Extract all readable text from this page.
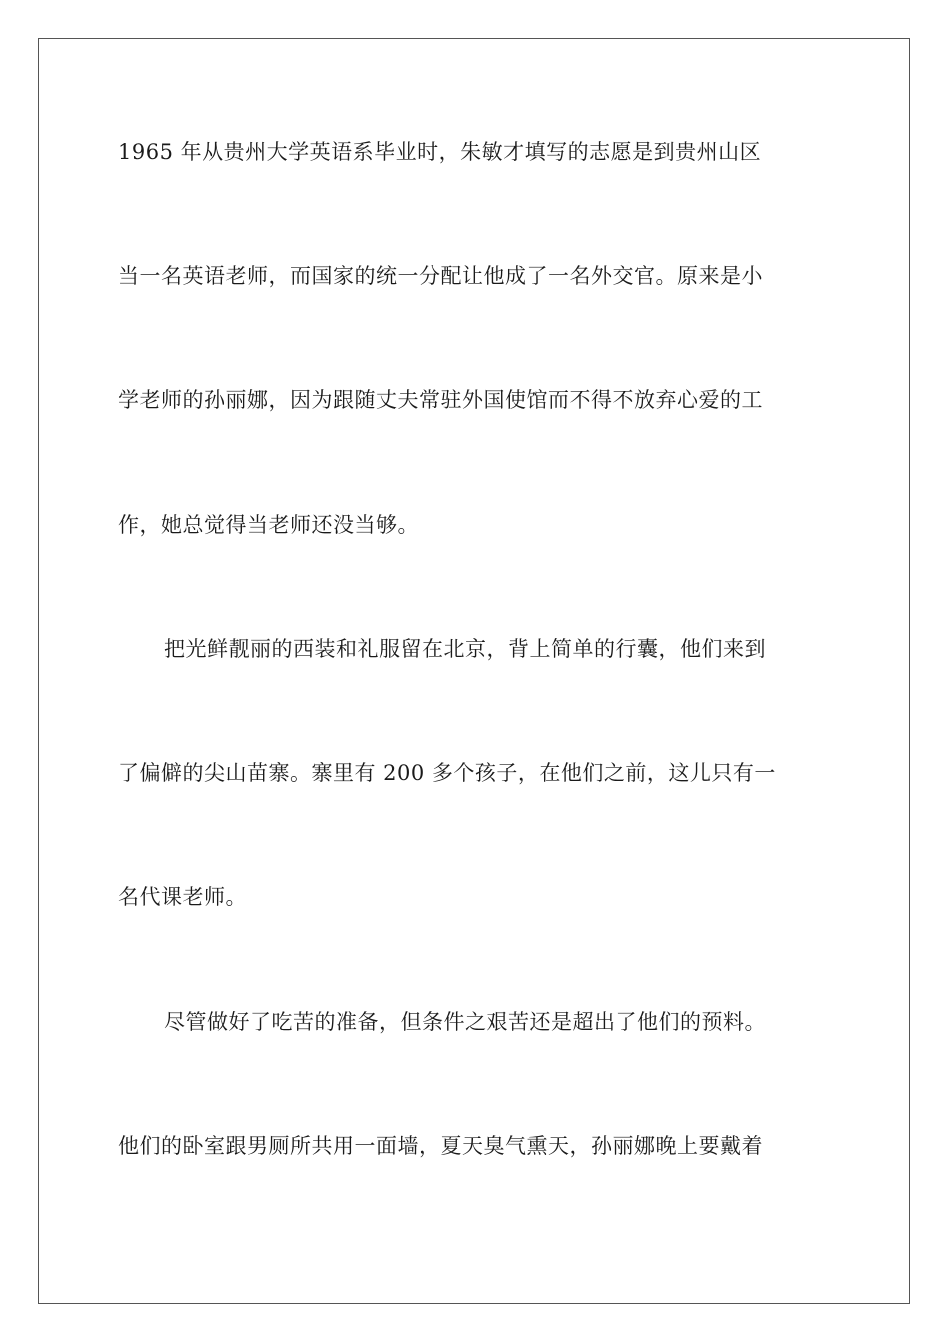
1965 年从贵州大学英语系毕业时，朱敏才填写的志愿是到贵州山区
当一名英语老师，而国家的统一分配让他成了一名外交官。原来是小
学老师的孙丽娜，因为跟随丈夫常驻外国使馆而不得不放弃心爱的工
作，她总觉得当老师还没当够。
把光鲜靓丽的西装和礼服留在北京，背上简单的行囊，他们来到
了偏僻的尖山苗寨。寨里有 200 多个孩子，在他们之前，这儿只有一
名代课老师。
尽管做好了吃苦的准备，但条件之艰苦还是超出了他们的预料。
他们的卧室跟男厕所共用一面墙，夏天臭气熏天，孙丽娜晚上要戴着
